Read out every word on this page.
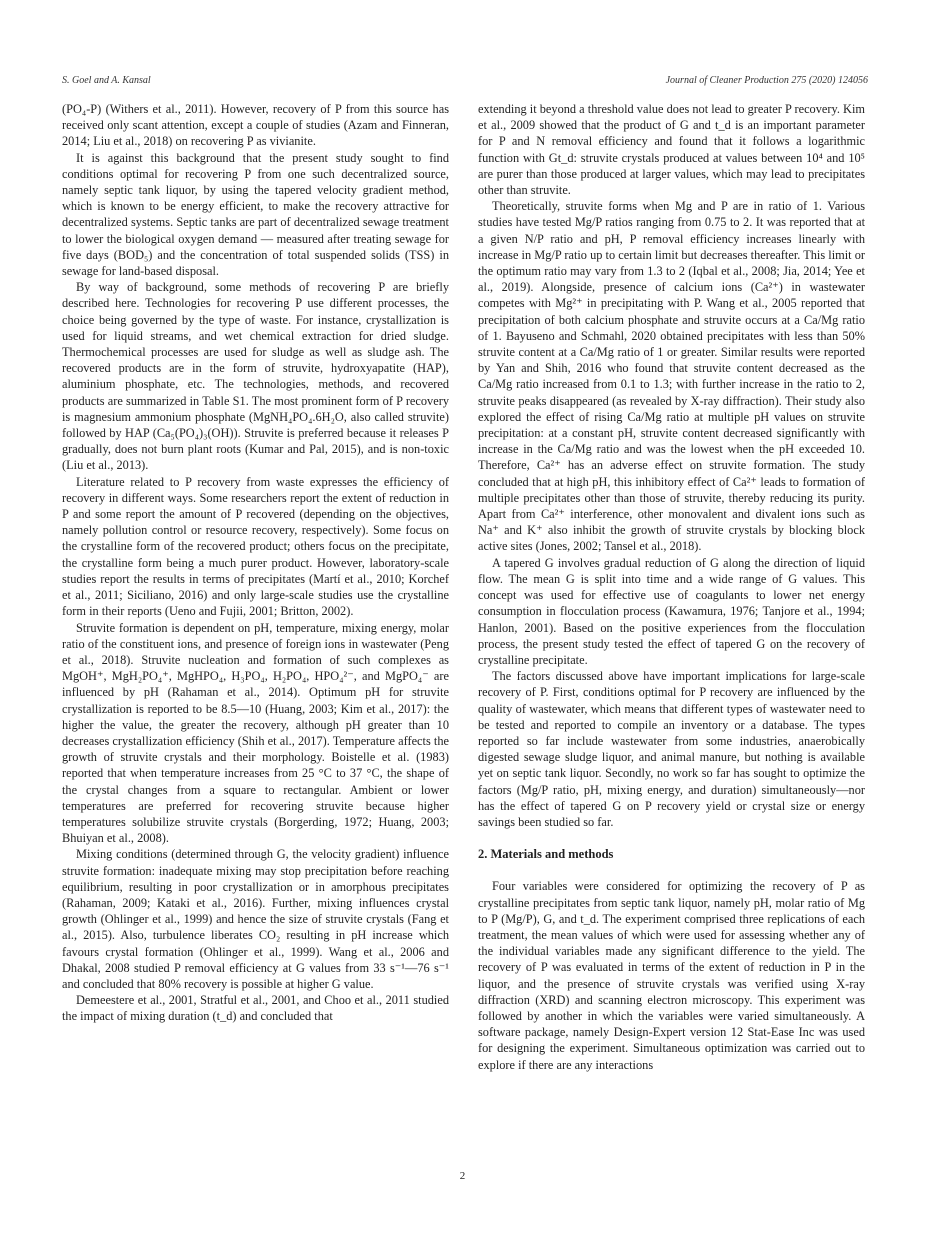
S. Goel and A. Kansal	Journal of Cleaner Production 275 (2020) 124056

(PO₄-P) (Withers et al., 2011). However, recovery of P from this source has received only scant attention, except a couple of studies (Azam and Finneran, 2014; Liu et al., 2018) on recovering P as vivianite.

It is against this background that the present study sought to find conditions optimal for recovering P from one such decentralized source, namely septic tank liquor, by using the tapered velocity gradient method, which is known to be energy efficient, to make the recovery attractive for decentralized systems. Septic tanks are part of decentralized sewage treatment to lower the biological oxygen demand — measured after treating sewage for five days (BOD₅) and the concentration of total suspended solids (TSS) in sewage for land-based disposal.

By way of background, some methods of recovering P are briefly described here. Technologies for recovering P use different processes, the choice being governed by the type of waste. For instance, crystallization is used for liquid streams, and wet chemical extraction for dried sludge. Thermochemical processes are used for sludge as well as sludge ash. The recovered products are in the form of struvite, hydroxyapatite (HAP), aluminium phosphate, etc. The technologies, methods, and recovered products are summarized in Table S1. The most prominent form of P recovery is magnesium ammonium phosphate (MgNH₄PO₄.6H₂O, also called struvite) followed by HAP (Ca₅(PO₄)₃(OH)). Struvite is preferred because it releases P gradually, does not burn plant roots (Kumar and Pal, 2015), and is non-toxic (Liu et al., 2013).

Literature related to P recovery from waste expresses the efficiency of recovery in different ways. Some researchers report the extent of reduction in P and some report the amount of P recovered (depending on the objectives, namely pollution control or resource recovery, respectively). Some focus on the crystalline form of the recovered product; others focus on the precipitate, the crystalline form being a much purer product. However, laboratory-scale studies report the results in terms of precipitates (Martí et al., 2010; Korchef et al., 2011; Siciliano, 2016) and only large-scale studies use the crystalline form in their reports (Ueno and Fujii, 2001; Britton, 2002).

Struvite formation is dependent on pH, temperature, mixing energy, molar ratio of the constituent ions, and presence of foreign ions in wastewater (Peng et al., 2018). Struvite nucleation and formation of such complexes as MgOH⁺, MgH₂PO₄⁺, MgHPO₄, H₃PO₄, H₂PO₄, HPO₄²⁻, and MgPO₄⁻ are influenced by pH (Rahaman et al., 2014). Optimum pH for struvite crystallization is reported to be 8.5—10 (Huang, 2003; Kim et al., 2017): the higher the value, the greater the recovery, although pH greater than 10 decreases crystallization efficiency (Shih et al., 2017). Temperature affects the growth of struvite crystals and their morphology. Boistelle et al. (1983) reported that when temperature increases from 25 °C to 37 °C, the shape of the crystal changes from a square to rectangular. Ambient or lower temperatures are preferred for recovering struvite because higher temperatures solubilize struvite crystals (Borgerding, 1972; Huang, 2003; Bhuiyan et al., 2008).

Mixing conditions (determined through G, the velocity gradient) influence struvite formation: inadequate mixing may stop precipitation before reaching equilibrium, resulting in poor crystallization or in amorphous precipitates (Rahaman, 2009; Kataki et al., 2016). Further, mixing influences crystal growth (Ohlinger et al., 1999) and hence the size of struvite crystals (Fang et al., 2015). Also, turbulence liberates CO₂ resulting in pH increase which favours crystal formation (Ohlinger et al., 1999). Wang et al., 2006 and Dhakal, 2008 studied P removal efficiency at G values from 33 s⁻¹—76 s⁻¹ and concluded that 80% recovery is possible at higher G value.

Demeestere et al., 2001, Stratful et al., 2001, and Choo et al., 2011 studied the impact of mixing duration (t_d) and concluded that

extending it beyond a threshold value does not lead to greater P recovery. Kim et al., 2009 showed that the product of G and t_d is an important parameter for P and N removal efficiency and found that it follows a logarithmic function with Gt_d: struvite crystals produced at values between 10⁴ and 10⁵ are purer than those produced at larger values, which may lead to precipitates other than struvite.

Theoretically, struvite forms when Mg and P are in ratio of 1. Various studies have tested Mg/P ratios ranging from 0.75 to 2. It was reported that at a given N/P ratio and pH, P removal efficiency increases linearly with increase in Mg/P ratio up to certain limit but decreases thereafter. This limit or the optimum ratio may vary from 1.3 to 2 (Iqbal et al., 2008; Jia, 2014; Yee et al., 2019). Alongside, presence of calcium ions (Ca²⁺) in wastewater competes with Mg²⁺ in precipitating with P. Wang et al., 2005 reported that precipitation of both calcium phosphate and struvite occurs at a Ca/Mg ratio of 1. Bayuseno and Schmahl, 2020 obtained precipitates with less than 50% struvite content at a Ca/Mg ratio of 1 or greater. Similar results were reported by Yan and Shih, 2016 who found that struvite content decreased as the Ca/Mg ratio increased from 0.1 to 1.3; with further increase in the ratio to 2, struvite peaks disappeared (as revealed by X-ray diffraction). Their study also explored the effect of rising Ca/Mg ratio at multiple pH values on struvite precipitation: at a constant pH, struvite content decreased significantly with increase in the Ca/Mg ratio and was the lowest when the pH exceeded 10. Therefore, Ca²⁺ has an adverse effect on struvite formation. The study concluded that at high pH, this inhibitory effect of Ca²⁺ leads to formation of multiple precipitates other than those of struvite, thereby reducing its purity. Apart from Ca²⁺ interference, other monovalent and divalent ions such as Na⁺ and K⁺ also inhibit the growth of struvite crystals by blocking block active sites (Jones, 2002; Tansel et al., 2018).

A tapered G involves gradual reduction of G along the direction of liquid flow. The mean G is split into time and a wide range of G values. This concept was used for effective use of coagulants to lower net energy consumption in flocculation process (Kawamura, 1976; Tanjore et al., 1994; Hanlon, 2001). Based on the positive experiences from the flocculation process, the present study tested the effect of tapered G on the recovery of crystalline precipitate.

The factors discussed above have important implications for large-scale recovery of P. First, conditions optimal for P recovery are influenced by the quality of wastewater, which means that different types of wastewater need to be tested and reported to compile an inventory or a database. The types reported so far include wastewater from some industries, anaerobically digested sewage sludge liquor, and animal manure, but nothing is available yet on septic tank liquor. Secondly, no work so far has sought to optimize the factors (Mg/P ratio, pH, mixing energy, and duration) simultaneously—nor has the effect of tapered G on P recovery yield or crystal size or energy savings been studied so far.

2. Materials and methods

Four variables were considered for optimizing the recovery of P as crystalline precipitates from septic tank liquor, namely pH, molar ratio of Mg to P (Mg/P), G, and t_d. The experiment comprised three replications of each treatment, the mean values of which were used for assessing whether any of the individual variables made any significant difference to the yield. The recovery of P was evaluated in terms of the extent of reduction in P in the liquor, and the presence of struvite crystals was verified using X-ray diffraction (XRD) and scanning electron microscopy. This experiment was followed by another in which the variables were varied simultaneously. A software package, namely Design-Expert version 12 Stat-Ease Inc was used for designing the experiment. Simultaneous optimization was carried out to explore if there are any interactions

2
